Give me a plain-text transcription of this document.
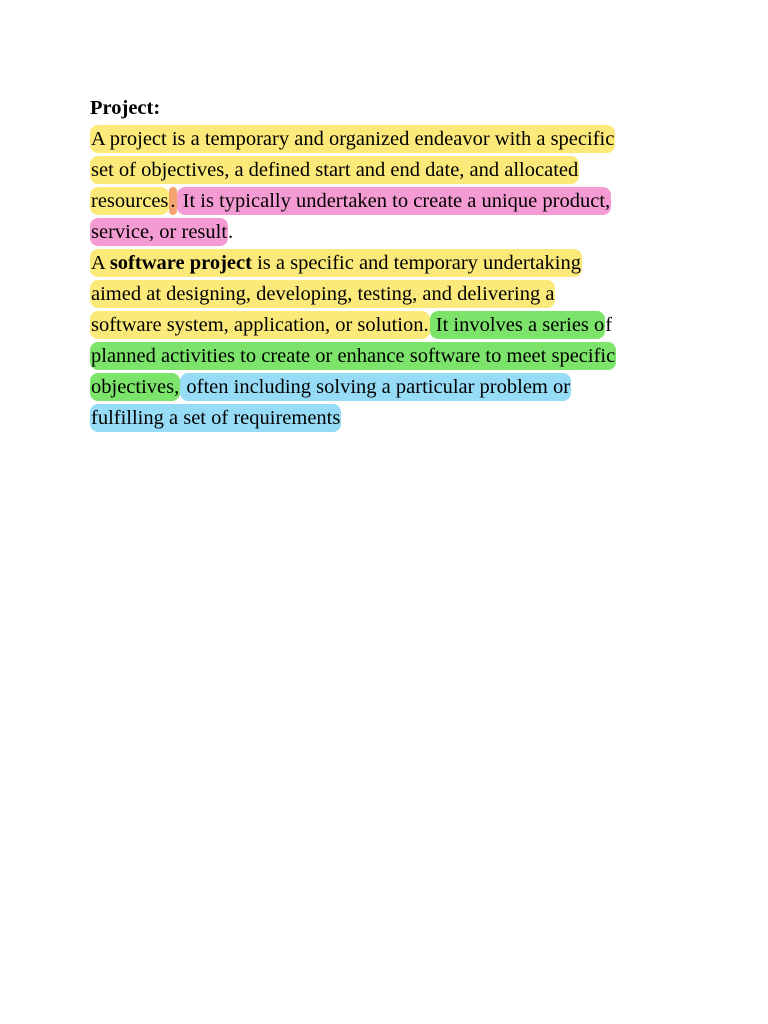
Project:
A project is a temporary and organized endeavor with a specific
set of objectives, a defined start and end date, and allocated
resources. It is typically undertaken to create a unique product,
service, or result.
A software project is a specific and temporary undertaking
aimed at designing, developing, testing, and delivering a
software system, application, or solution. It involves a series of
planned activities to create or enhance software to meet specific
objectives, often including solving a particular problem or
fulfilling a set of requirements
